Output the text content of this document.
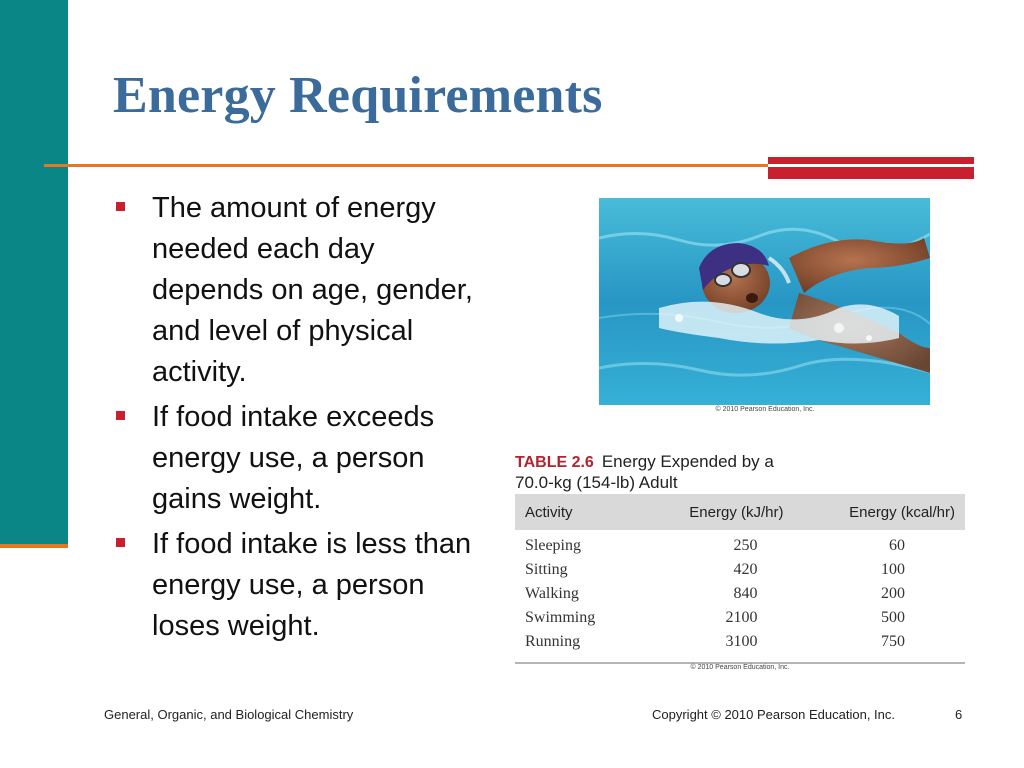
Energy Requirements
The amount of energy needed each day depends on age, gender, and level of physical activity.
If food intake exceeds energy use, a person gains weight.
If food intake is less than energy use, a person loses weight.
© 2010 Pearson Education, Inc.
TABLE 2.6 Energy Expended by a
70.0-kg (154-lb) Adult
Activity	Energy (kJ/hr)	Energy (kcal/hr)
Sleeping	250	60
Sitting	420	100
Walking	840	200
Swimming	2100	500
Running	3100	750
© 2010 Pearson Education, Inc.
General, Organic, and Biological Chemistry	Copyright © 2010 Pearson Education, Inc.	6
